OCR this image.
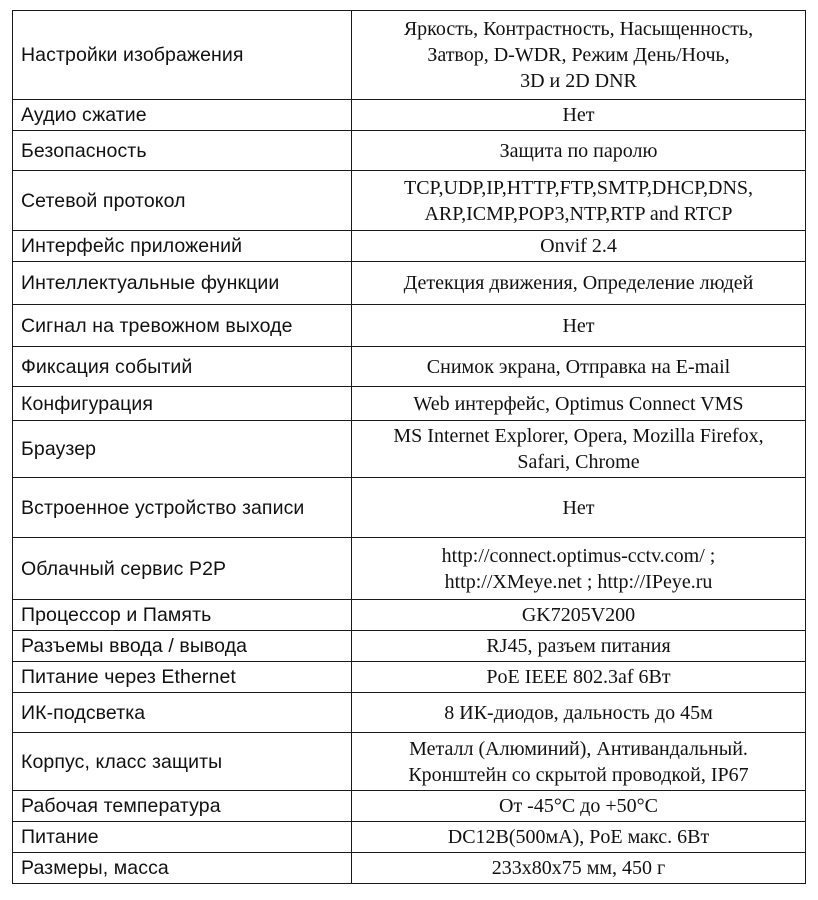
Настройки изображения	Яркость, Контрастность, Насыщенность,
Затвор, D-WDR, Режим День/Ночь,
3D и 2D DNR
Аудио сжатие	Нет
Безопасность	Защита по паролю
Сетевой протокол	TCP,UDP,IP,HTTP,FTP,SMTP,DHCP,DNS,
ARP,ICMP,POP3,NTP,RTP and RTCP
Интерфейс приложений	Onvif 2.4
Интеллектуальные функции	Детекция движения, Определение людей
Сигнал на тревожном выходе	Нет
Фиксация событий	Снимок экрана, Отправка на E-mail
Конфигурация	Web интерфейс, Optimus Connect VMS
Браузер	MS Internet Explorer, Opera, Mozilla Firefox,
Safari, Chrome
Встроенное устройство записи	Нет
Облачный сервис P2P	http://connect.optimus-cctv.com/ ;
http://XMeye.net ; http://IPeye.ru
Процессор и Память	GK7205V200
Разъемы ввода / вывода	RJ45, разъем питания
Питание через Ethernet	PoE IEEE 802.3af 6Вт
ИК-подсветка	8 ИК-диодов, дальность до 45м
Корпус, класс защиты	Металл (Алюминий), Антивандальный.
Кронштейн со скрытой проводкой, IP67
Рабочая температура	От -45°C до +50°C
Питание	DC12В(500мА), PoE макс. 6Вт
Размеры, масса	233x80x75 мм, 450 г
